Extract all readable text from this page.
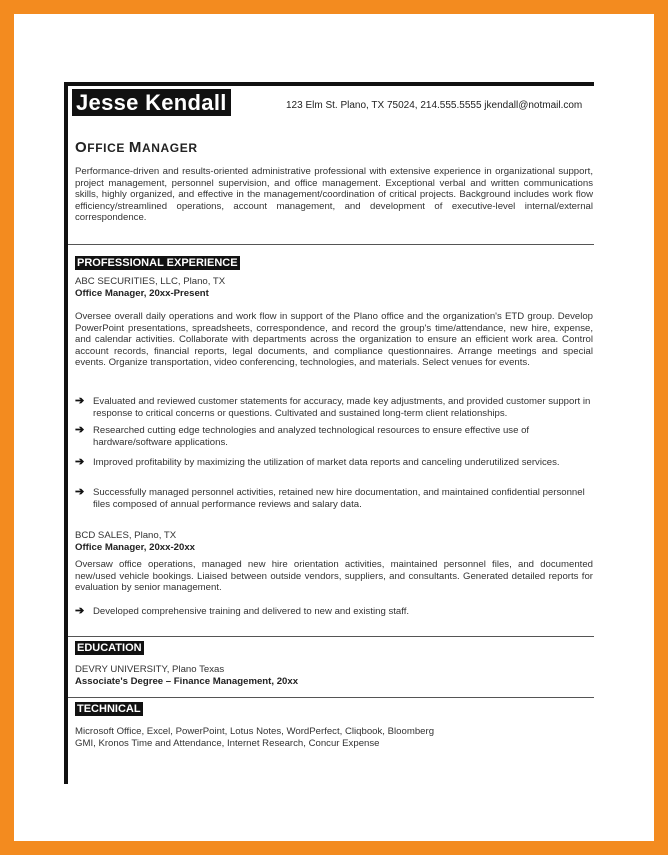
Jesse Kendall	123 Elm St. Plano, TX 75024, 214.555.5555 jkendall@notmail.com
OFFICE MANAGER
Performance-driven and results-oriented administrative professional with extensive experience in organizational support, project management, personnel supervision, and office management. Exceptional verbal and written communications skills, highly organized, and effective in the management/coordination of critical projects. Background includes work flow efficiency/streamlined operations, account management, and development of executive-level internal/external correspondence.
PROFESSIONAL EXPERIENCE
ABC SECURITIES, LLC, Plano, TX
Office Manager, 20xx-Present
Oversee overall daily operations and work flow in support of the Plano office and the organization's ETD group. Develop PowerPoint presentations, spreadsheets, correspondence, and record the group's time/attendance, new hire, expense, and calendar activities. Collaborate with departments across the organization to ensure an efficient work area. Control account records, financial reports, legal documents, and compliance questionnaires. Arrange meetings and special events. Organize transportation, video conferencing, technologies, and materials. Select venues for events.
➔ Evaluated and reviewed customer statements for accuracy, made key adjustments, and provided customer support in response to critical concerns or questions. Cultivated and sustained long-term client relationships.
➔ Researched cutting edge technologies and analyzed technological resources to ensure effective use of hardware/software applications.
➔ Improved profitability by maximizing the utilization of market data reports and canceling underutilized services.
➔ Successfully managed personnel activities, retained new hire documentation, and maintained confidential personnel files composed of annual performance reviews and salary data.
BCD SALES, Plano, TX
Office Manager, 20xx-20xx
Oversaw office operations, managed new hire orientation activities, maintained personnel files, and documented new/used vehicle bookings. Liaised between outside vendors, suppliers, and consultants. Generated detailed reports for evaluation by senior management.
➔ Developed comprehensive training and delivered to new and existing staff.
EDUCATION
DEVRY UNIVERSITY, Plano Texas
Associate's Degree – Finance Management, 20xx
TECHNICAL
Microsoft Office, Excel, PowerPoint, Lotus Notes, WordPerfect, Cliqbook, Bloomberg
GMI, Kronos Time and Attendance, Internet Research, Concur Expense
